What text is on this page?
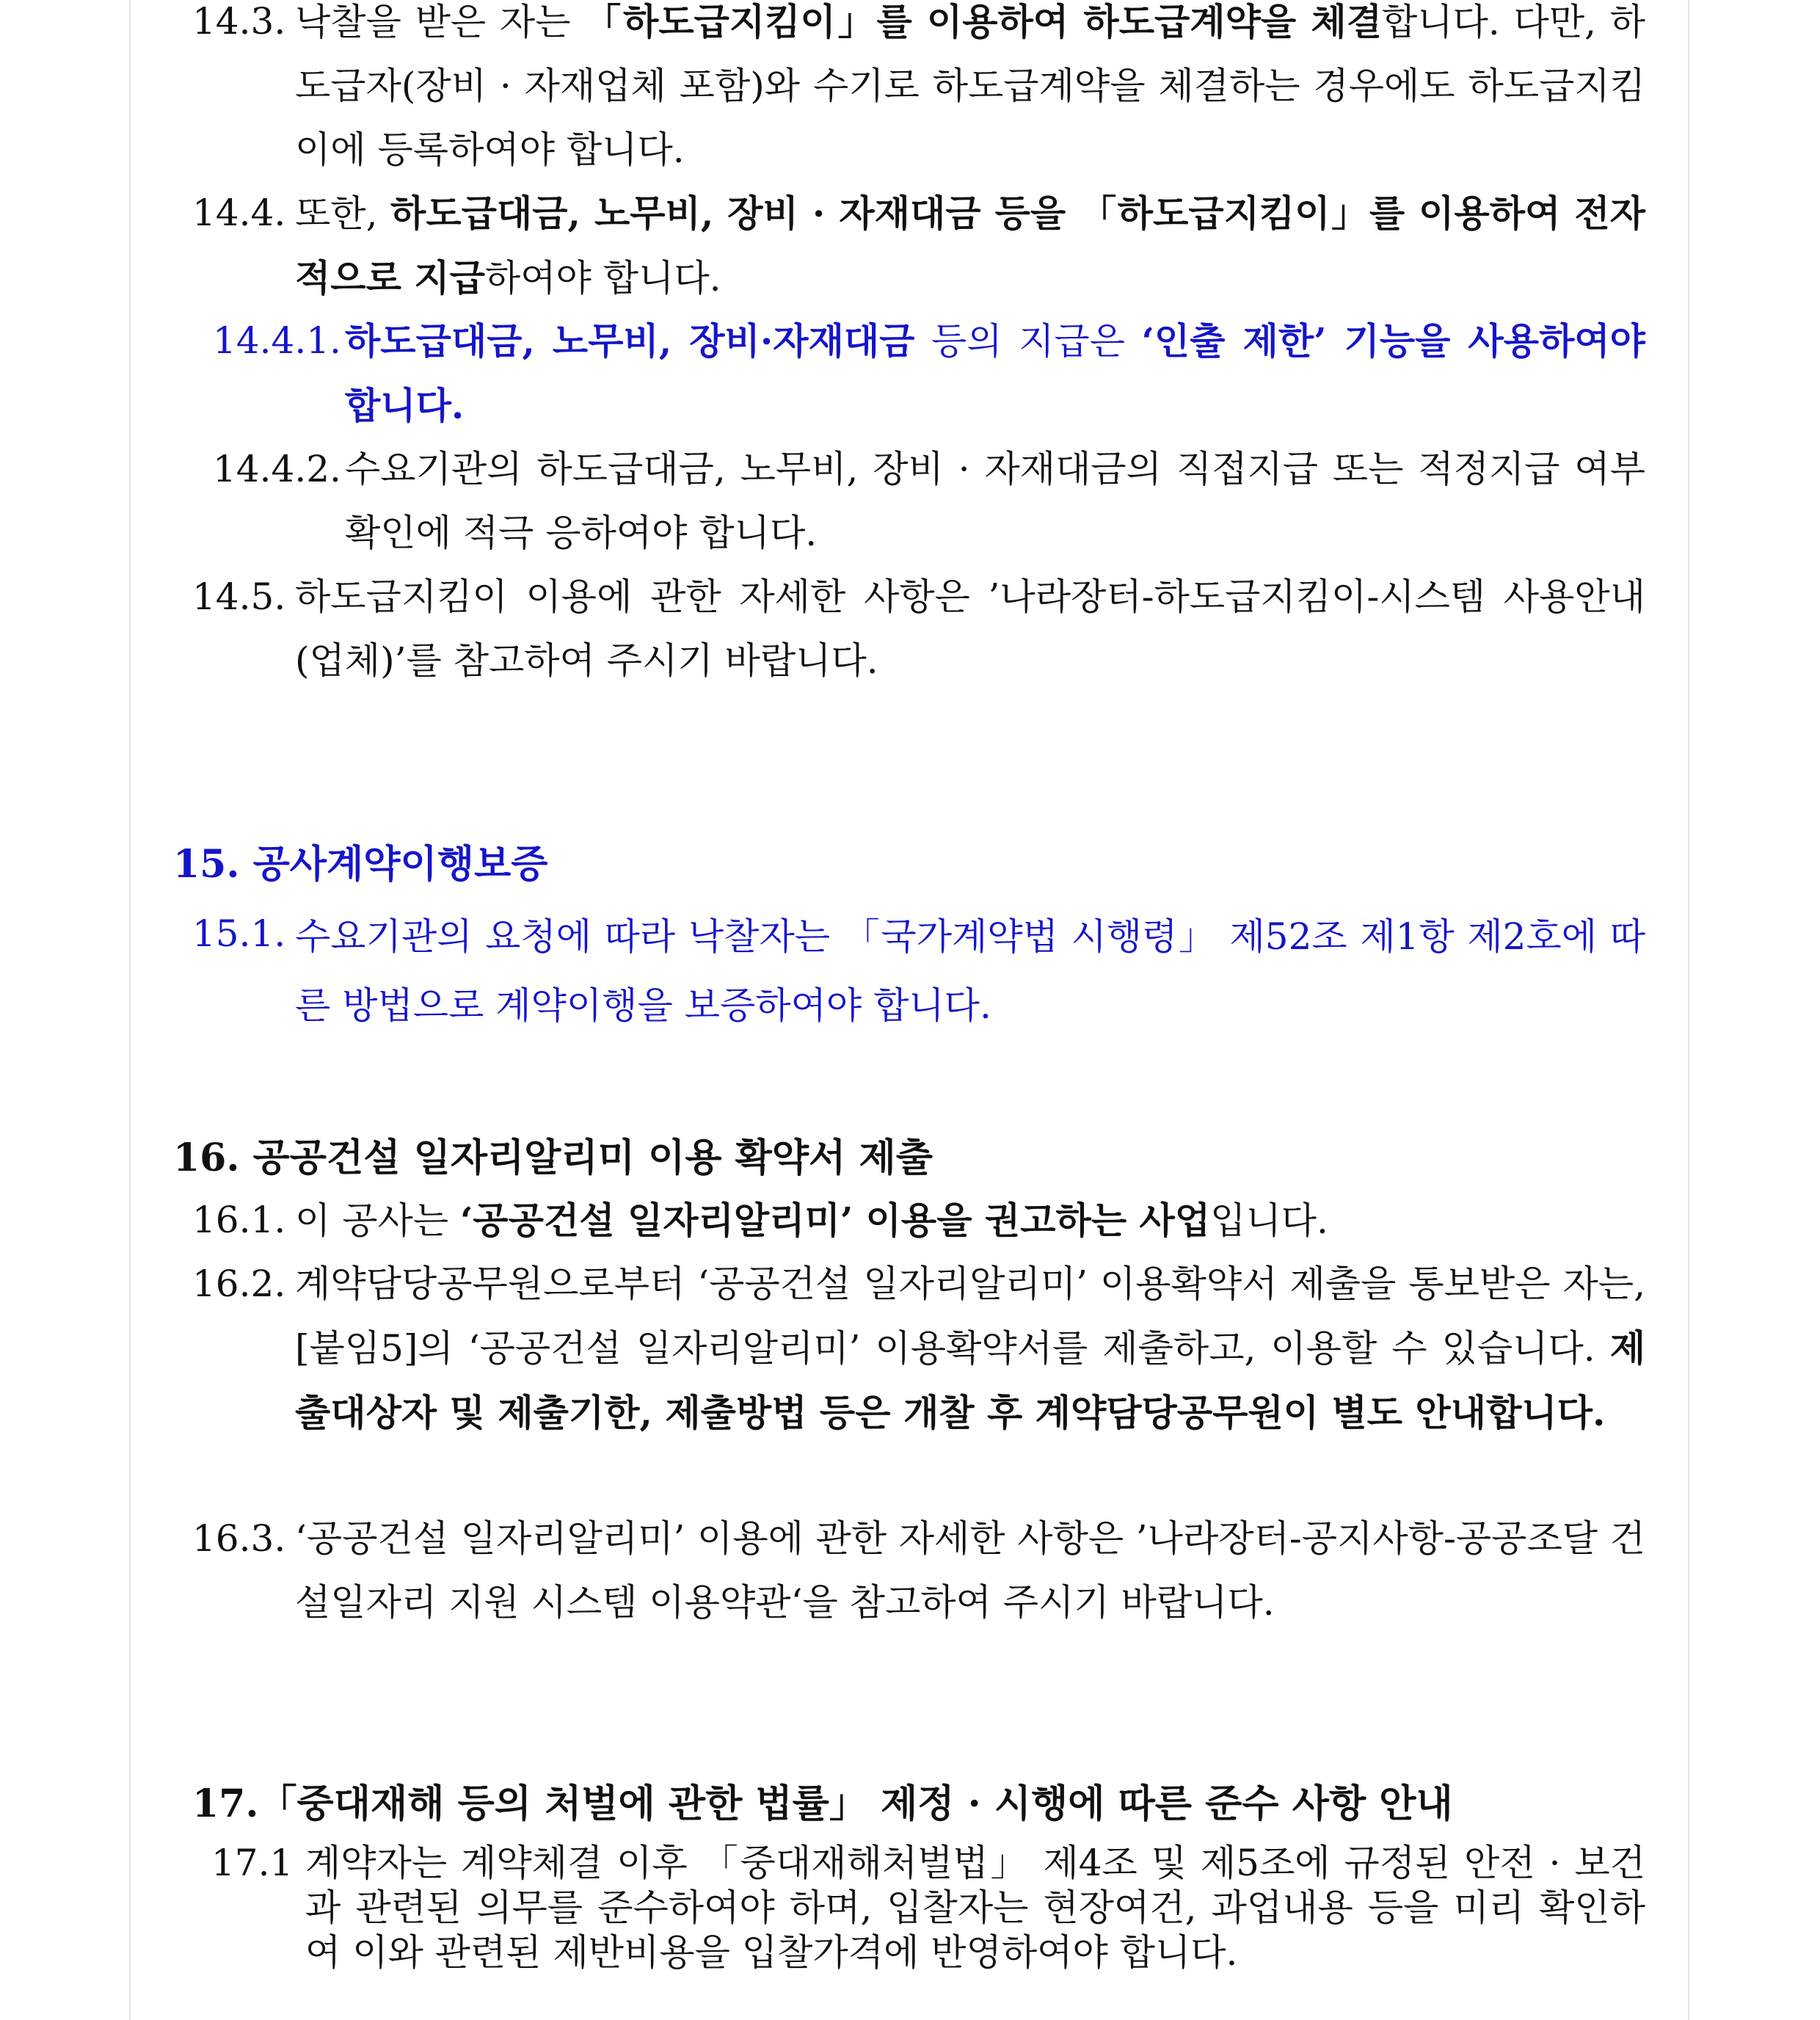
14.3. 낙찰을 받은 자는 「하도급지킴이」를 이용하여 하도급계약을 체결합니다. 다만, 하도급자(장비 · 자재업체 포함)와 수기로 하도급계약을 체결하는 경우에도 하도급지킴이에 등록하여야 합니다.
14.4. 또한, 하도급대금, 노무비, 장비 · 자재대금 등을 「하도급지킴이」를 이용하여 전자적으로 지급하여야 합니다.
14.4.1. 하도급대금, 노무비, 장비·자재대금 등의 지급은 ‘인출 제한’ 기능을 사용하여야 합니다.
14.4.2. 수요기관의 하도급대금, 노무비, 장비 · 자재대금의 직접지급 또는 적정지급 여부 확인에 적극 응하여야 합니다.
14.5. 하도급지킴이 이용에 관한 자세한 사항은 ’나라장터-하도급지킴이-시스템 사용안내(업체)’를 참고하여 주시기 바랍니다.
15. 공사계약이행보증
15.1. 수요기관의 요청에 따라 낙찰자는 「국가계약법 시행령」 제52조 제1항 제2호에 따른 방법으로 계약이행을 보증하여야 합니다.
16. 공공건설 일자리알리미 이용 확약서 제출
16.1. 이 공사는 ‘공공건설 일자리알리미’ 이용을 권고하는 사업입니다.
16.2. 계약담당공무원으로부터 ‘공공건설 일자리알리미’ 이용확약서 제출을 통보받은 자는, [붙임5]의 ‘공공건설 일자리알리미’ 이용확약서를 제출하고, 이용할 수 있습니다. 제출대상자 및 제출기한, 제출방법 등은 개찰 후 계약담당공무원이 별도 안내합니다.
16.3. ‘공공건설 일자리알리미’ 이용에 관한 자세한 사항은 ’나라장터-공지사항-공공조달 건설일자리 지원 시스템 이용약관‘을 참고하여 주시기 바랍니다.
17.「중대재해 등의 처벌에 관한 법률」 제정 · 시행에 따른 준수 사항 안내
17.1 계약자는 계약체결 이후 「중대재해처벌법」 제4조 및 제5조에 규정된 안전 · 보건과 관련된 의무를 준수하여야 하며, 입찰자는 현장여건, 과업내용 등을 미리 확인하여 이와 관련된 제반비용을 입찰가격에 반영하여야 합니다.
